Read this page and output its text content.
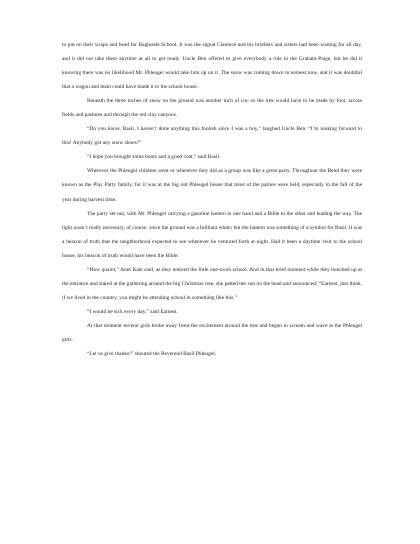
to put on their wraps and head for Bagtussle School. It was the signal Clarence and his brothers and sisters had been waiting for all day, and it did not take them anytime at all to get ready. Uncle Ben offered to give everybody a ride in the Graham-Paige, but he did it knowing there was no likelihood Mr. Phleugel would take him up on it. The snow was coming down in earnest now, and it was doubtful that a wagon and team could have made it to the school house.

Beneath the three inches of snow on the ground was another inch of ice; so the trek would have to be made by foot, across fields and pastures and through the red clay canyons.

“Do you know, Basil, I haven’t done anything this foolish since I was a boy,” laughed Uncle Ben. “I’m looking forward to this! Anybody got any snow shoes?”

“I hope you brought some boots and a good coat,” said Basil.

Wherever the Phleugel children went or whenever they did as a group was like a great party. Throughout the Bend they were known as the Play Party family, for it was at the big old Phleugel house that most of the parties were held, especially in the fall of the year during harvest time.

The party set out, with Mr. Phleugel carrying a gasoline lantern in one hand and a Bible in the other and leading the way. The light wasn’t really necessary, of course, since the ground was a brilliant white; but the lantern was something of a symbol for Basil. It was a beacon of truth that the neighborhood expected to see whenever he ventured forth at night. Had it been a daytime visit to the school house, his beacon of truth would have been the Bible.

“How quaint,” Aunt Kate said, as they entered the little one-room school. And in that brief moment while they bunched up at the entrance and stared at the gathering around the big Christmas tree, she patted her son on the head and announced: “Earnest, just think, if we lived in the country, you might be attending school in something like this.”

“I would be sick every day,” said Earnest.

At that moment several girls broke away from the excitement around the tree and began to scream and wave at the Phleugel girls.

“Let us give thanks!” shouted the Reverend Basil Phleugel.
